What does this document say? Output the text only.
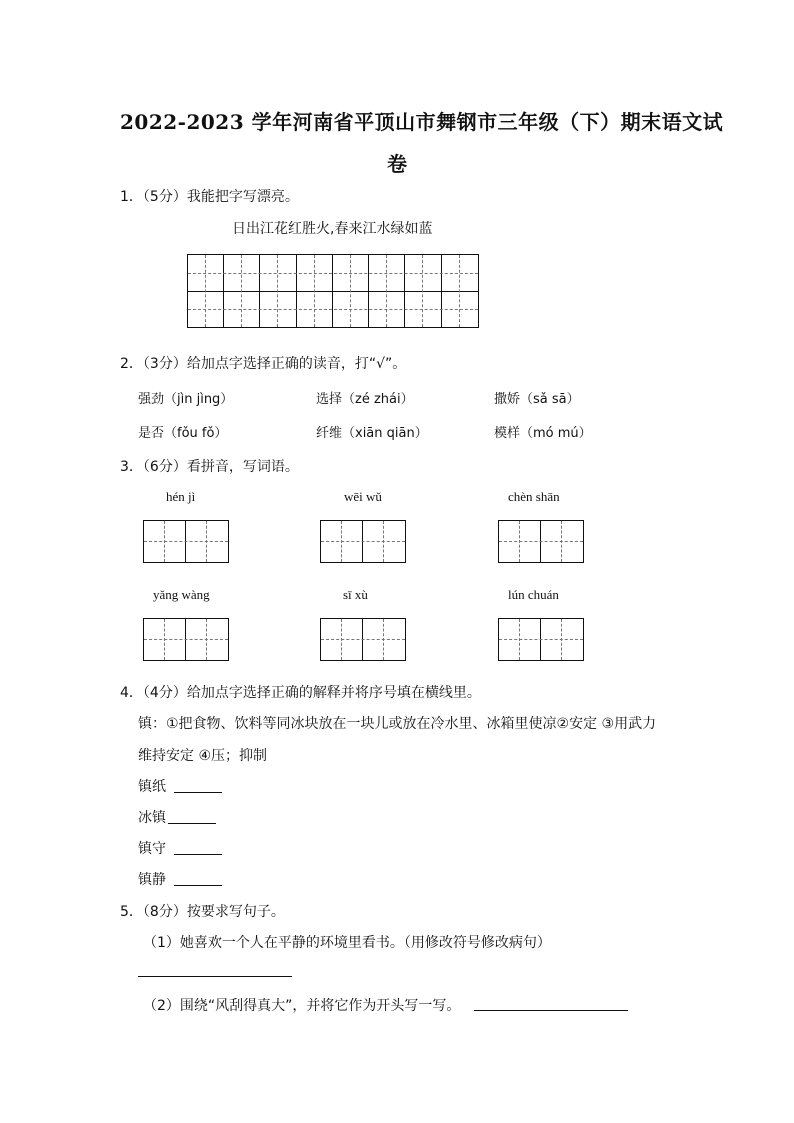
2022-2023 学年河南省平顶山市舞钢市三年级（下）期末语文试
卷
1．（5分）我能把字写漂亮。
日出江花红胜火,春来江水绿如蓝
2．（3分）给加点字选择正确的读音，打“√”。
强劲（jìn jìng）	选择（zé zhái）	撒娇（sǎ sā）
是否（fǒu fǒ）	纤维（xiān qiān）	模样（mó mú）
3．（6分）看拼音，写词语。
hén jì	wēi wǔ	chèn shān
yǎng wàng	sī xù	lún chuán
4．（4分）给加点字选择正确的解释并将序号填在横线里。
镇：①把食物、饮料等同冰块放在一块儿或放在冷水里、冰箱里使凉②安定 ③用武力
维持安定 ④压；抑制
镇纸
冰镇
镇守
镇静
5．（8分）按要求写句子。
（1）她喜欢一个人在平静的环境里看书。（用修改符号修改病句）
（2）围绕“风刮得真大”，并将它作为开头写一写。
